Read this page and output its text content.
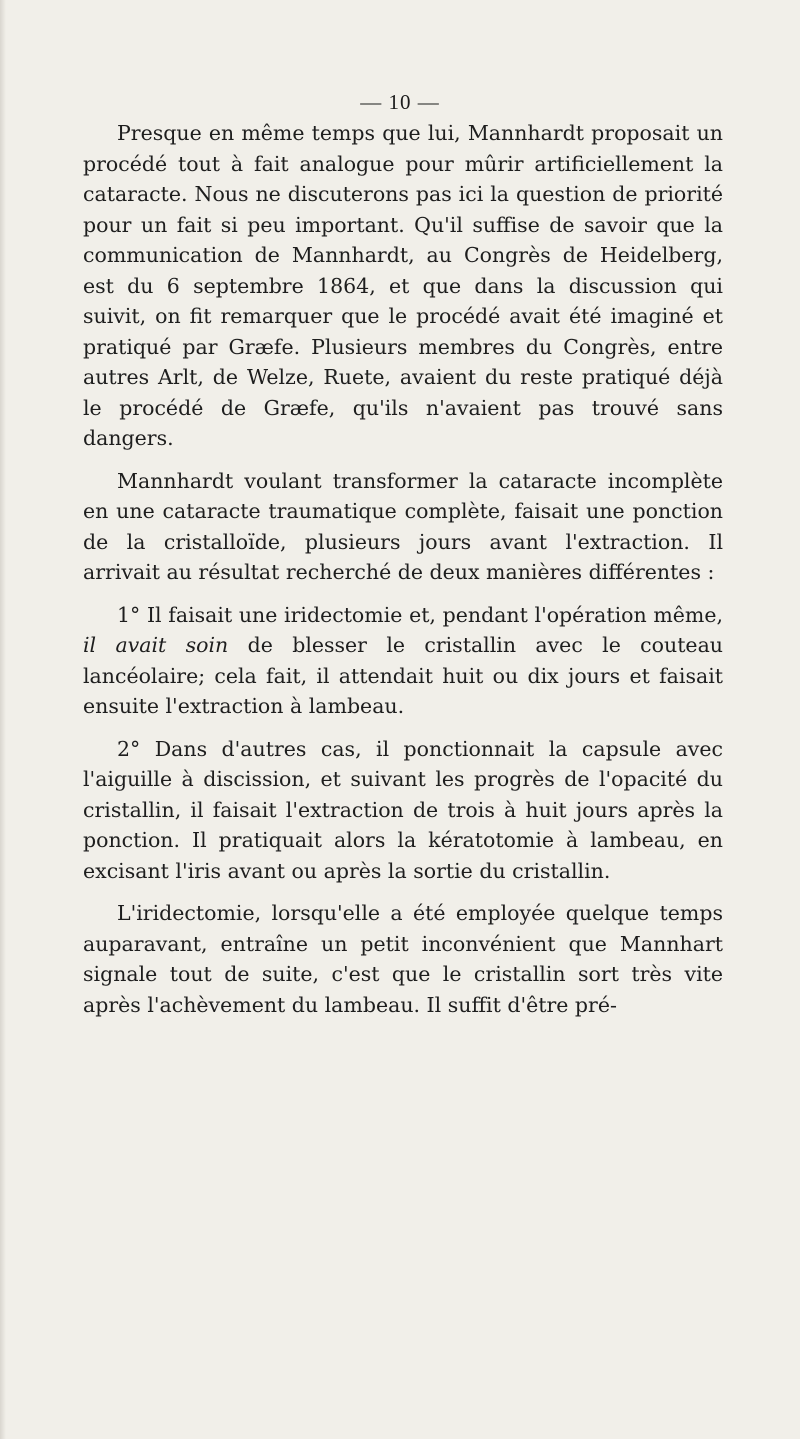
— 10 —

Presque en même temps que lui, Mannhardt proposait un procédé tout à fait analogue pour mûrir artificiellement la cataracte. Nous ne discuterons pas ici la question de priorité pour un fait si peu important. Qu'il suffise de savoir que la communication de Mannhardt, au Congrès de Heidelberg, est du 6 septembre 1864, et que dans la discussion qui suivit, on fit remarquer que le procédé avait été imaginé et pratiqué par Græfe. Plusieurs membres du Congrès, entre autres Arlt, de Welze, Ruete, avaient du reste pratiqué déjà le procédé de Græfe, qu'ils n'avaient pas trouvé sans dangers.

Mannhardt voulant transformer la cataracte incomplète en une cataracte traumatique complète, faisait une ponction de la cristalloïde, plusieurs jours avant l'extraction. Il arrivait au résultat recherché de deux manières différentes :

1° Il faisait une iridectomie et, pendant l'opération même, il avait soin de blesser le cristallin avec le couteau lancéolaire; cela fait, il attendait huit ou dix jours et faisait ensuite l'extraction à lambeau.

2° Dans d'autres cas, il ponctionnait la capsule avec l'aiguille à discission, et suivant les progrès de l'opacité du cristallin, il faisait l'extraction de trois à huit jours après la ponction. Il pratiquait alors la kératotomie à lambeau, en excisant l'iris avant ou après la sortie du cristallin.

L'iridectomie, lorsqu'elle a été employée quelque temps auparavant, entraîne un petit inconvénient que Mannhart signale tout de suite, c'est que le cristallin sort très vite après l'achèvement du lambeau. Il suffit d'être pré-
